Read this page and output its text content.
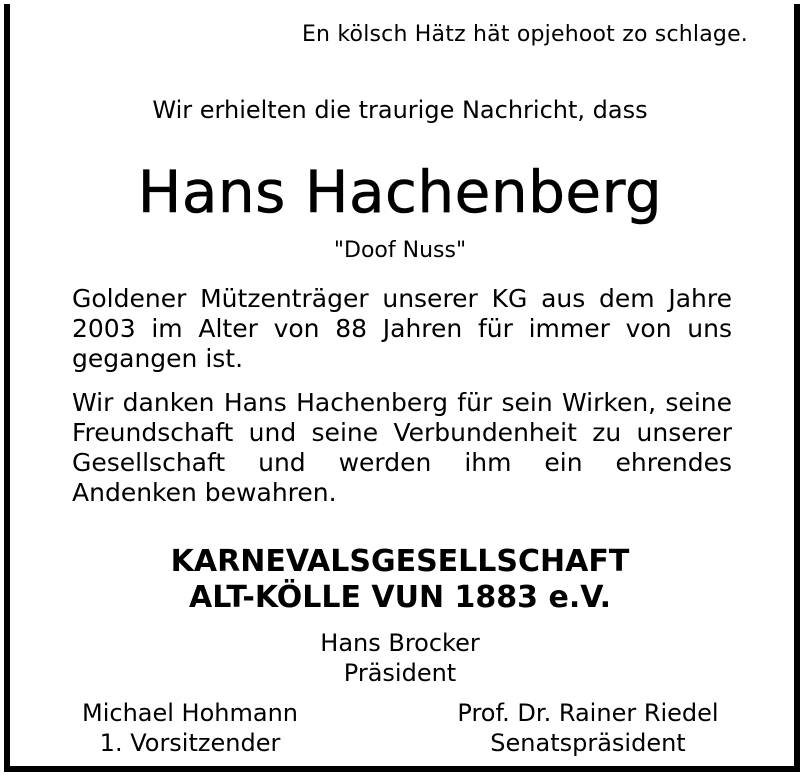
En kölsch Hätz hät opjehoot zo schlage.
Wir erhielten die traurige Nachricht, dass
Hans Hachenberg
"Doof Nuss"
Goldener Mützenträger unserer KG aus dem Jahre 2003 im Alter von 88 Jahren für immer von uns gegangen ist.
Wir danken Hans Hachenberg für sein Wirken, seine Freundschaft und seine Verbundenheit zu unserer Gesellschaft und werden ihm ein ehrendes Andenken bewahren.
KARNEVALSGESELLSCHAFT
ALT-KÖLLE VUN 1883 e.V.
Hans Brocker
Präsident
Michael Hohmann
1. Vorsitzender
Prof. Dr. Rainer Riedel
Senatspräsident
